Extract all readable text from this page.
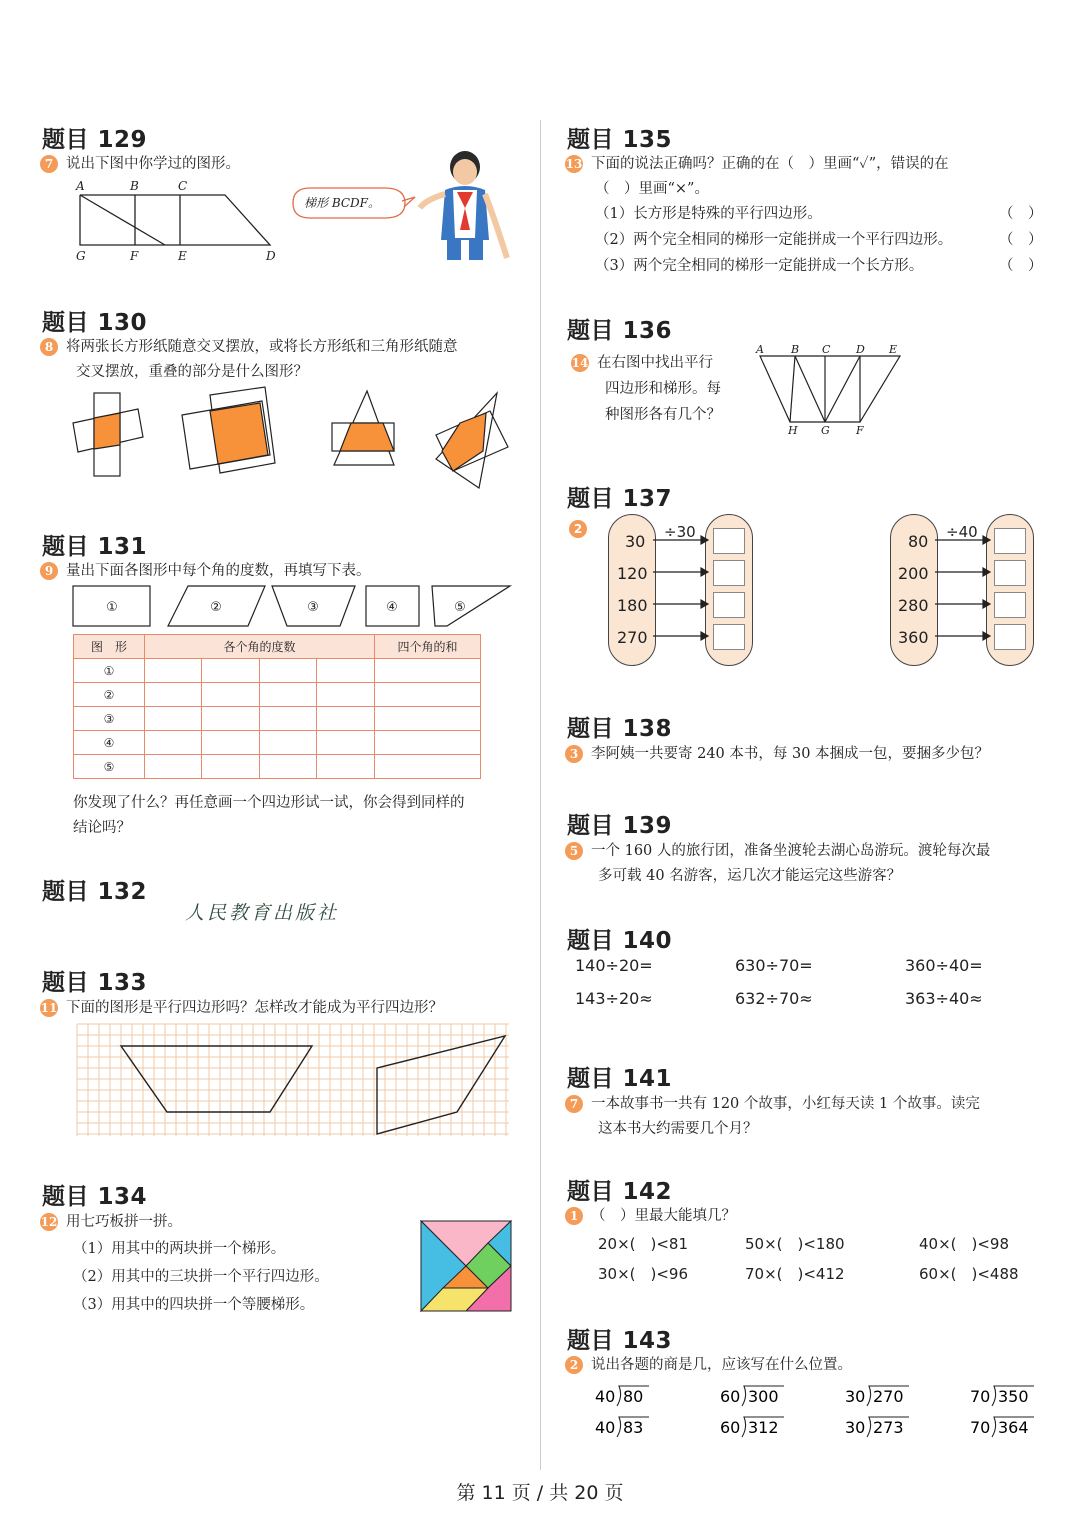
题目 129
7 说出下图中你学过的图形。
A	B	C
G	F	E	D
梯形 BCDF。
题目 130
8 将两张长方形纸随意交叉摆放，或将长方形纸和三角形纸随意
交叉摆放，重叠的部分是什么图形？
题目 131
9 量出下面各图形中每个角的度数，再填写下表。
①	②	③	④	⑤
图　形	各个角的度数				四个角的和
①					
②					
③					
④					
⑤					
你发现了什么？再任意画一个四边形试一试，你会得到同样的
结论吗？
题目 132
人民教育出版社
题目 133
11 下面的图形是平行四边形吗？怎样改才能成为平行四边形？
题目 134
12 用七巧板拼一拼。
（1）用其中的两块拼一个梯形。
（2）用其中的三块拼一个平行四边形。
（3）用其中的四块拼一个等腰梯形。
题目 135
13 下面的说法正确吗？正确的在（　）里画“✓”，错误的在
（　）里画“×”。
（1）长方形是特殊的平行四边形。	（　）
（2）两个完全相同的梯形一定能拼成一个平行四边形。	（　）
（3）两个完全相同的梯形一定能拼成一个长方形。	（　）
题目 136
14 在右图中找出平行
四边形和梯形。每
种图形各有几个？
A B C D E
H G F
题目 137
2	÷30
30
120
180
270
÷40
80
200
280
360
题目 138
3 李阿姨一共要寄 240 本书，每 30 本捆成一包，要捆多少包？
题目 139
5 一个 160 人的旅行团，准备坐渡轮去湖心岛游玩。渡轮每次最
多可载 40 名游客，运几次才能运完这些游客？
题目 140
140÷20=	630÷70=	360÷40=
143÷20≈	632÷70≈	363÷40≈
题目 141
7 一本故事书一共有 120 个故事，小红每天读 1 个故事。读完
这本书大约需要几个月？
题目 142
1 （　）里最大能填几？
20×(　)<81	50×(　)<180	40×(　)<98
30×(　)<96	70×(　)<412	60×(　)<488
题目 143
2 说出各题的商是几，应该写在什么位置。
40 80	60 300	30 270	70 350
40 83	60 312	30 273	70 364
第 11 页 / 共 20 页
